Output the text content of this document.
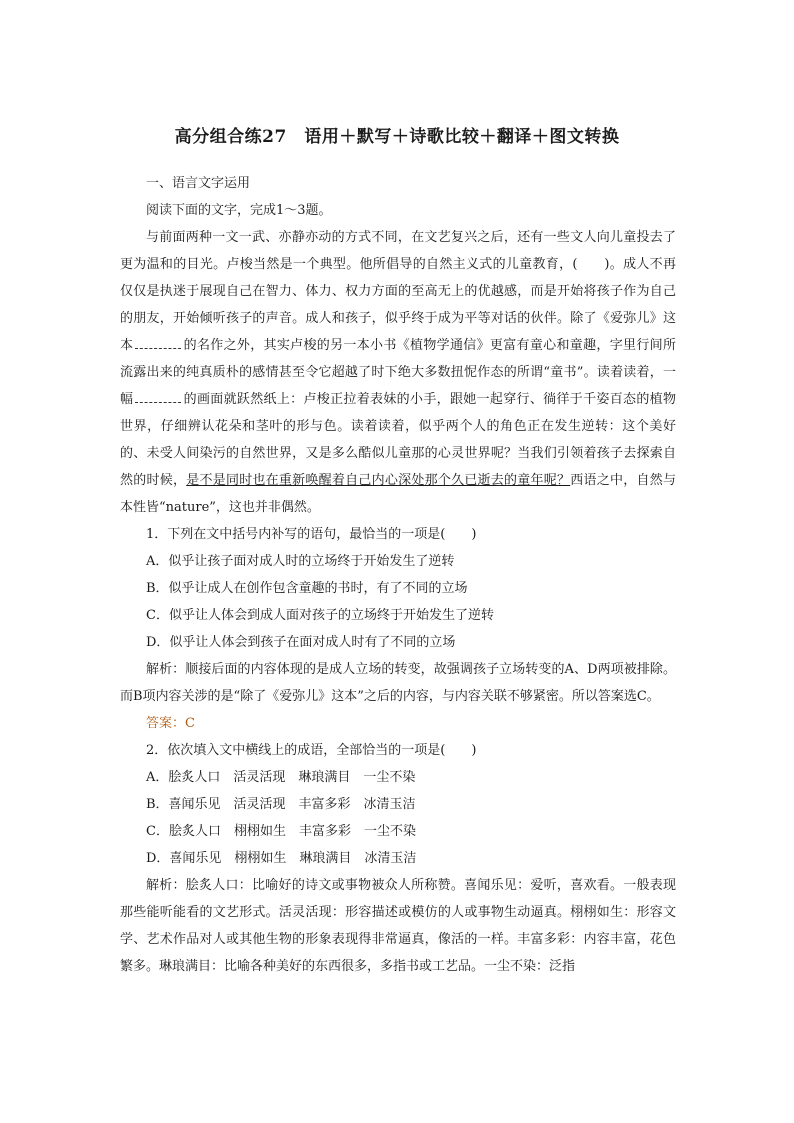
高分组合练27　语用＋默写＋诗歌比较＋翻译＋图文转换

一、语言文字运用

阅读下面的文字，完成1～3题。

与前面两种一文一武、亦静亦动的方式不同，在文艺复兴之后，还有一些文人向儿童投去了更为温和的目光。卢梭当然是一个典型。他所倡导的自然主义式的儿童教育，(　　)。成人不再仅仅是执迷于展现自己在智力、体力、权力方面的至高无上的优越感，而是开始将孩子作为自己的朋友，开始倾听孩子的声音。成人和孩子，似乎终于成为平等对话的伙伴。除了《爱弥儿》这本	的名作之外，其实卢梭的另一本小书《植物学通信》更富有童心和童趣，字里行间所流露出来的纯真质朴的感情甚至令它超越了时下绝大多数扭怩作态的所谓“童书”。读着读着，一幅	的画面就跃然纸上：卢梭正拉着表妹的小手，跟她一起穿行、徜徉于千姿百态的植物世界，仔细辨认花朵和茎叶的形与色。读着读着，似乎两个人的角色正在发生逆转：这个美好的、未受人间染污的自然世界，又是多么酷似儿童那的心灵世界呢？当我们引领着孩子去探索自然的时候，是不是同时也在重新唤醒着自己内心深处那个久已逝去的童年呢？西语之中，自然与本性皆“nature”，这也并非偶然。

1．下列在文中括号内补写的语句，最恰当的一项是(　　)

A．似乎让孩子面对成人时的立场终于开始发生了逆转

B．似乎让成人在创作包含童趣的书时，有了不同的立场

C．似乎让人体会到成人面对孩子的立场终于开始发生了逆转

D．似乎让人体会到孩子在面对成人时有了不同的立场

解析：顺接后面的内容体现的是成人立场的转变，故强调孩子立场转变的A、D两项被排除。而B项内容关涉的是“除了《爱弥儿》这本”之后的内容，与内容关联不够紧密。所以答案选C。

答案：C

2．依次填入文中横线上的成语，全部恰当的一项是(　　)

A．脍炙人口　活灵活现　琳琅满目　一尘不染

B．喜闻乐见　活灵活现　丰富多彩　冰清玉洁

C．脍炙人口　栩栩如生　丰富多彩　一尘不染

D．喜闻乐见　栩栩如生　琳琅满目　冰清玉洁

解析：脍炙人口：比喻好的诗文或事物被众人所称赞。喜闻乐见：爱听，喜欢看。一般表现那些能听能看的文艺形式。活灵活现：形容描述或模仿的人或事物生动逼真。栩栩如生：形容文学、艺术作品对人或其他生物的形象表现得非常逼真，像活的一样。丰富多彩：内容丰富，花色繁多。琳琅满目：比喻各种美好的东西很多，多指书或工艺品。一尘不染：泛指
